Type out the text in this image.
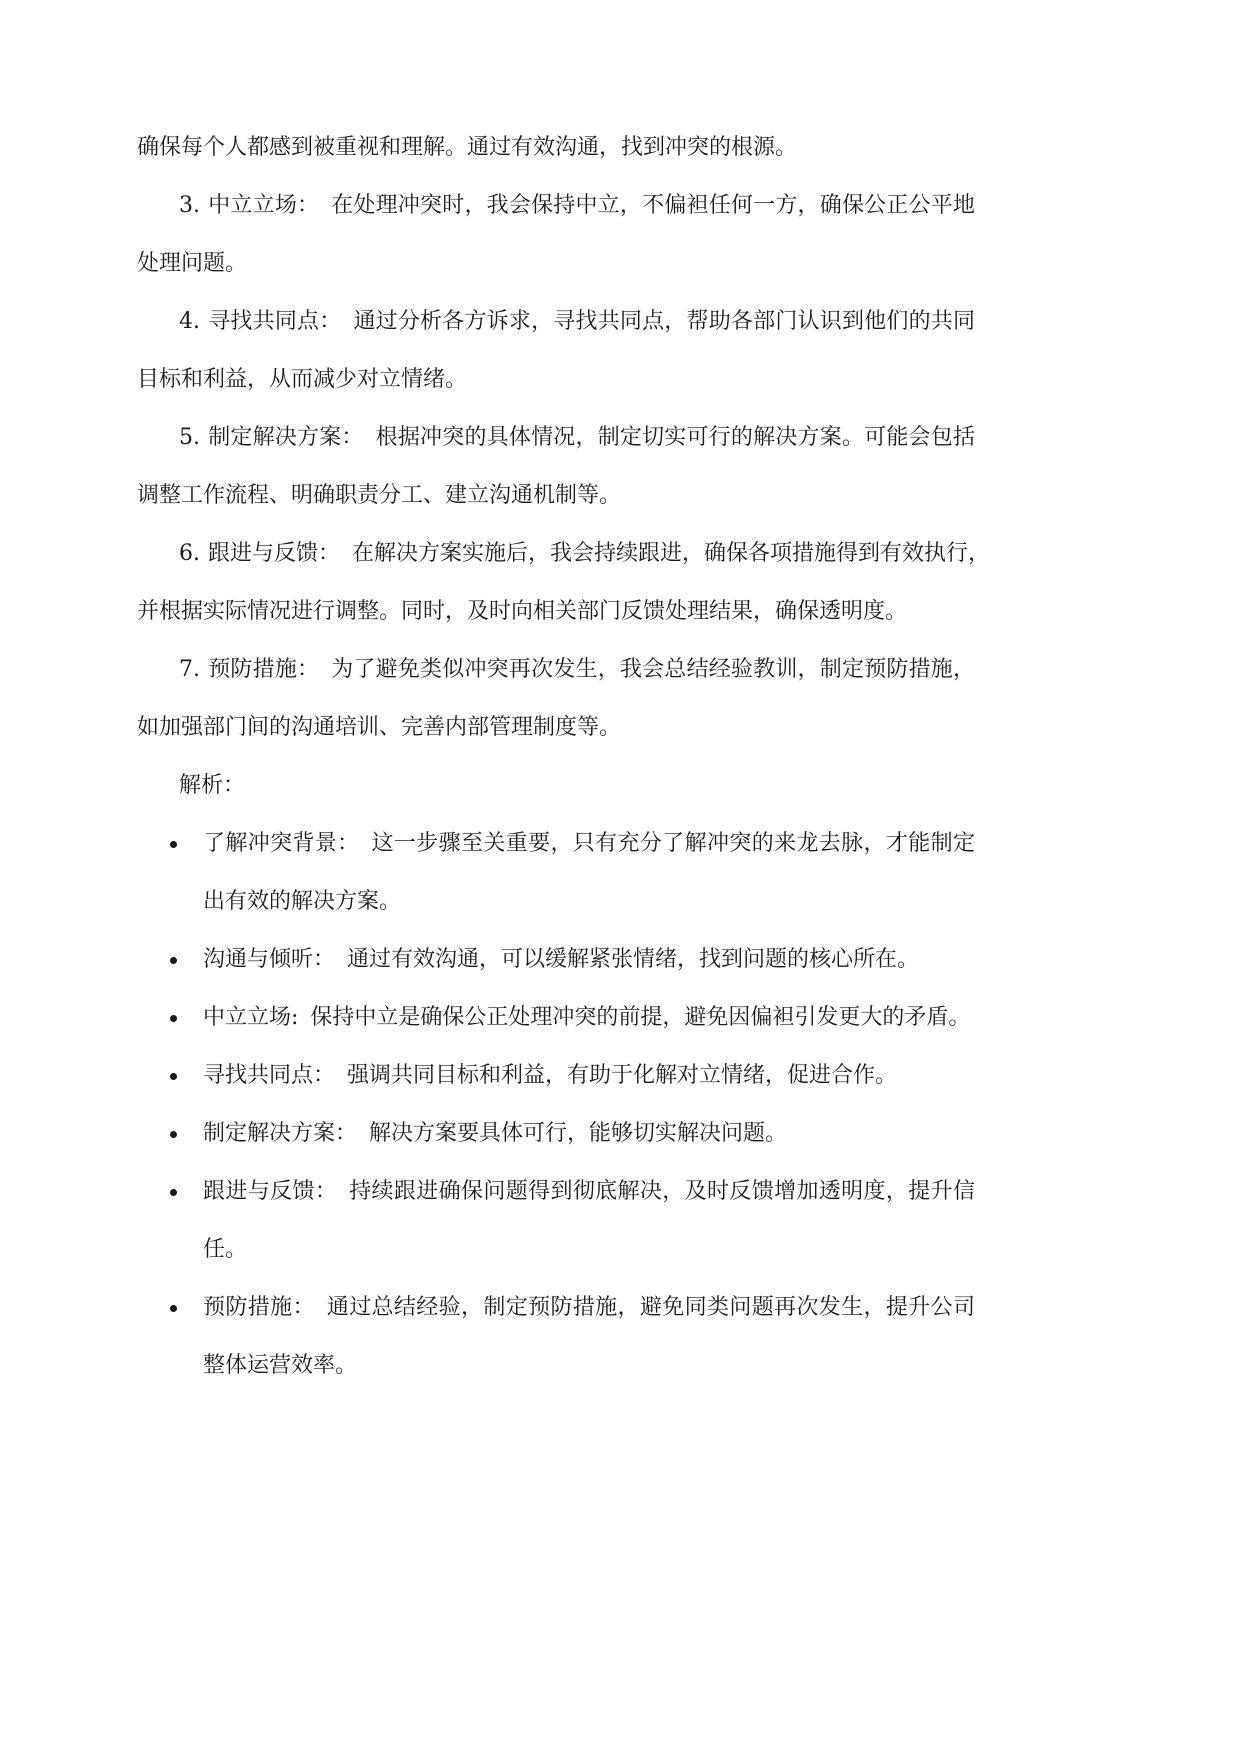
确保每个人都感到被重视和理解。通过有效沟通，找到冲突的根源。
3. 中立立场： 在处理冲突时，我会保持中立，不偏袒任何一方，确保公正公平地
处理问题。
4. 寻找共同点： 通过分析各方诉求，寻找共同点，帮助各部门认识到他们的共同
目标和利益，从而减少对立情绪。
5. 制定解决方案： 根据冲突的具体情况，制定切实可行的解决方案。可能会包括
调整工作流程、明确职责分工、建立沟通机制等。
6. 跟进与反馈： 在解决方案实施后，我会持续跟进，确保各项措施得到有效执行，
并根据实际情况进行调整。同时，及时向相关部门反馈处理结果，确保透明度。
7. 预防措施： 为了避免类似冲突再次发生，我会总结经验教训，制定预防措施，
如加强部门间的沟通培训、完善内部管理制度等。
解析：
了解冲突背景： 这一步骤至关重要，只有充分了解冲突的来龙去脉，才能制定
出有效的解决方案。
沟通与倾听： 通过有效沟通，可以缓解紧张情绪，找到问题的核心所在。
中立立场: 保持中立是确保公正处理冲突的前提，避免因偏袒引发更大的矛盾。
寻找共同点： 强调共同目标和利益，有助于化解对立情绪，促进合作。
制定解决方案： 解决方案要具体可行，能够切实解决问题。
跟进与反馈： 持续跟进确保问题得到彻底解决，及时反馈增加透明度，提升信
任。
预防措施： 通过总结经验，制定预防措施，避免同类问题再次发生，提升公司
整体运营效率。
